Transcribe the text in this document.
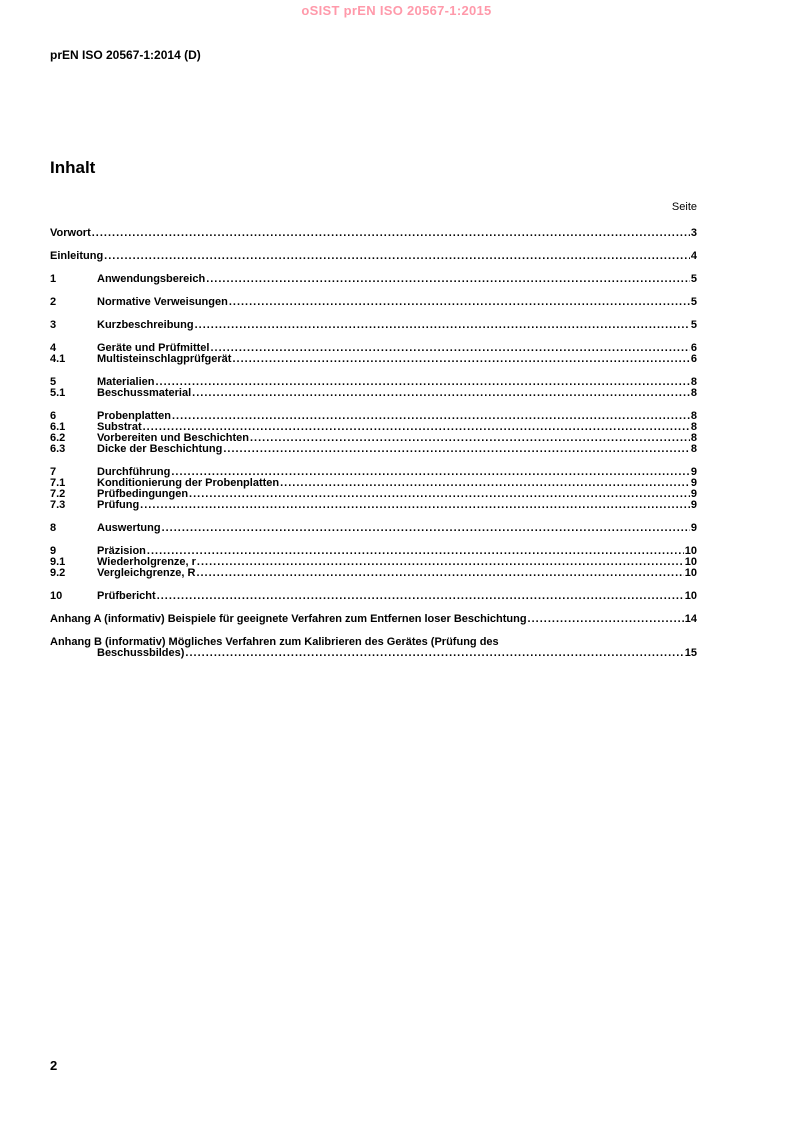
oSIST prEN ISO 20567-1:2015
prEN ISO 20567-1:2014 (D)
Inhalt
Seite
Vorwort .....	3
Einleitung .....	4
1	Anwendungsbereich .....	5
2	Normative Verweisungen .....	5
3	Kurzbeschreibung .....	5
4	Geräte und Prüfmittel .....	6
4.1	Multisteinschlagprüfgerät .....	6
5	Materialien .....	8
5.1	Beschussmaterial .....	8
6	Probenplatten .....	8
6.1	Substrat .....	8
6.2	Vorbereiten und Beschichten .....	8
6.3	Dicke der Beschichtung .....	8
7	Durchführung .....	9
7.1	Konditionierung der Probenplatten .....	9
7.2	Prüfbedingungen .....	9
7.3	Prüfung .....	9
8	Auswertung .....	9
9	Präzision .....	10
9.1	Wiederholgrenze, r .....	10
9.2	Vergleichgrenze, R .....	10
10	Prüfbericht .....	10
Anhang A (informativ) Beispiele für geeignete Verfahren zum Entfernen loser Beschichtung .....	14
Anhang B (informativ) Mögliches Verfahren zum Kalibrieren des Gerätes (Prüfung des
Beschussbildes) .....	15
2
